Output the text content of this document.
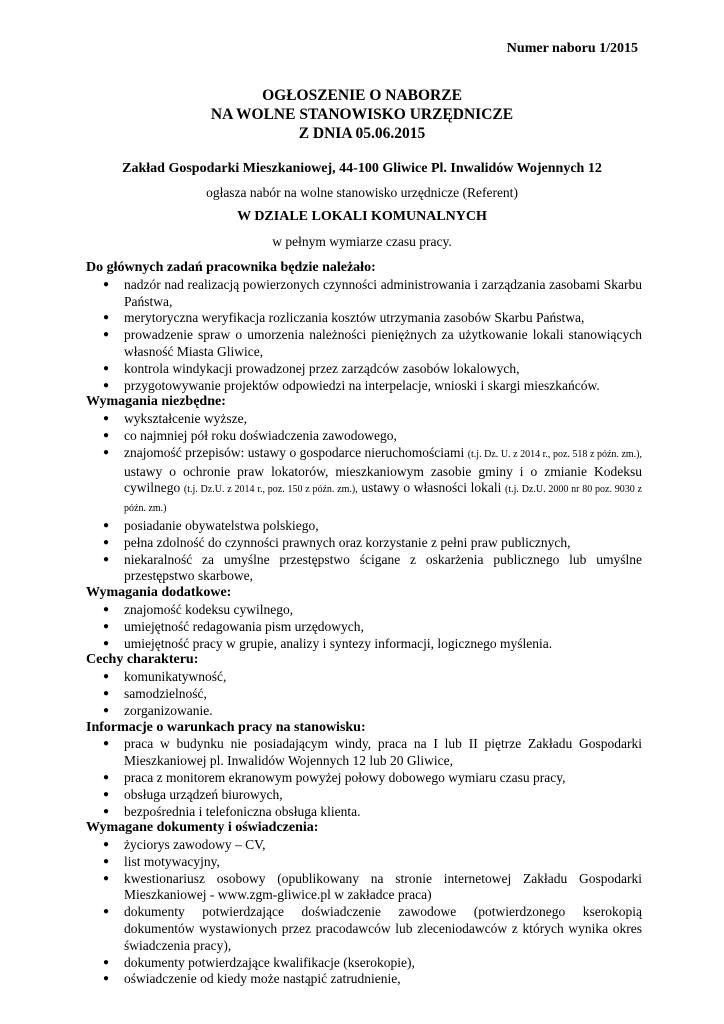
Numer naboru 1/2015
OGŁOSZENIE O NABORZE
NA WOLNE STANOWISKO URZĘDNICZE
Z DNIA 05.06.2015
Zakład Gospodarki Mieszkaniowej, 44-100 Gliwice Pl. Inwalidów Wojennych 12
ogłasza nabór na wolne stanowisko urzędnicze (Referent)
W DZIALE LOKALI KOMUNALNYCH
w pełnym wymiarze czasu pracy.
Do głównych zadań pracownika będzie należało:
● nadzór nad realizacją powierzonych czynności administrowania i zarządzania zasobami Skarbu Państwa,
● merytoryczna weryfikacja rozliczania kosztów utrzymania zasobów Skarbu Państwa,
● prowadzenie spraw o umorzenia należności pieniężnych za użytkowanie lokali stanowiących własność Miasta Gliwice,
● kontrola windykacji prowadzonej przez zarządców zasobów lokalowych,
● przygotowywanie projektów odpowiedzi na interpelacje, wnioski i skargi mieszkańców.
Wymagania niezbędne:
● wykształcenie wyższe,
● co najmniej pół roku doświadczenia zawodowego,
● znajomość przepisów: ustawy o gospodarce nieruchomościami (t.j. Dz. U. z 2014 r., poz. 518 z późn. zm.), ustawy o ochronie praw lokatorów, mieszkaniowym zasobie gminy i o zmianie Kodeksu cywilnego (t.j. Dz.U. z 2014 r., poz. 150 z późn. zm.), ustawy o własności lokali (t.j. Dz.U. 2000 nr 80 poz. 9030 z późn. zm.)
● posiadanie obywatelstwa polskiego,
● pełna zdolność do czynności prawnych oraz korzystanie z pełni praw publicznych,
● niekaralność za umyślne przestępstwo ścigane z oskarżenia publicznego lub umyślne przestępstwo skarbowe,
Wymagania dodatkowe:
● znajomość kodeksu cywilnego,
● umiejętność redagowania pism urzędowych,
● umiejętność pracy w grupie, analizy i syntezy informacji, logicznego myślenia.
Cechy charakteru:
● komunikatywność,
● samodzielność,
● zorganizowanie.
Informacje o warunkach pracy na stanowisku:
● praca w budynku nie posiadającym windy, praca na I lub II piętrze Zakładu Gospodarki Mieszkaniowej pl. Inwalidów Wojennych 12 lub 20 Gliwice,
● praca z monitorem ekranowym powyżej połowy dobowego wymiaru czasu pracy,
● obsługa urządzeń biurowych,
● bezpośrednia i telefoniczna obsługa klienta.
Wymagane dokumenty i oświadczenia:
● życiorys zawodowy – CV,
● list motywacyjny,
● kwestionariusz osobowy (opublikowany na stronie internetowej Zakładu Gospodarki Mieszkaniowej - www.zgm-gliwice.pl w zakładce praca)
● dokumenty potwierdzające doświadczenie zawodowe (potwierdzonego kserokopią dokumentów wystawionych przez pracodawców lub zleceniodawców z których wynika okres świadczenia pracy),
● dokumenty potwierdzające kwalifikacje (kserokopie),
● oświadczenie od kiedy może nastąpić zatrudnienie,
